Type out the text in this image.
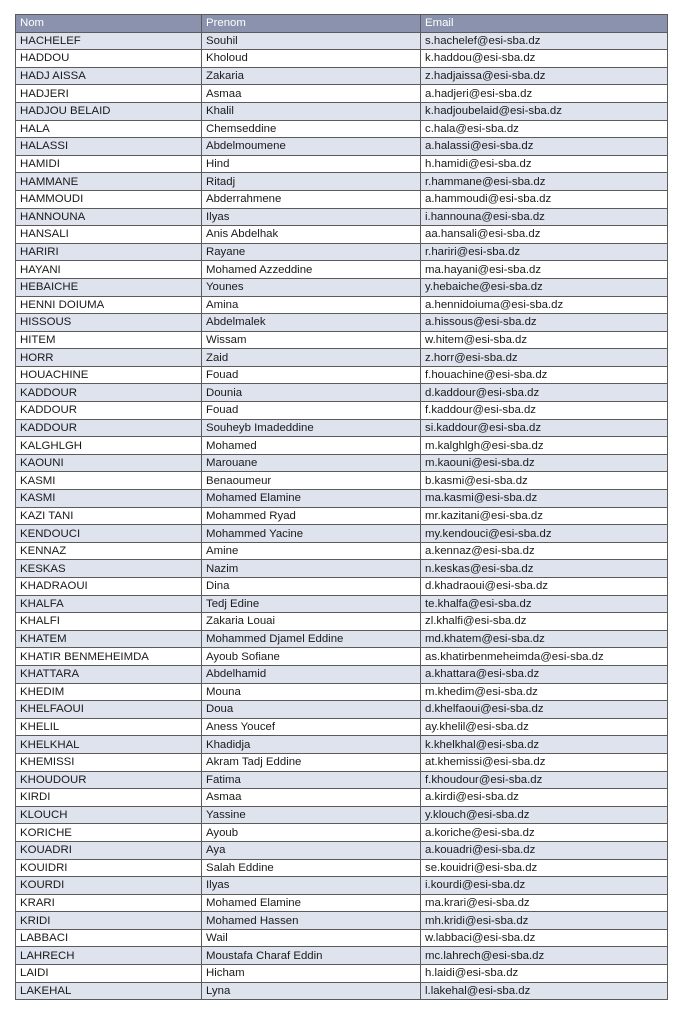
Nom	Prenom	Email
HACHELEF	Souhil	s.hachelef@esi-sba.dz
HADDOU	Kholoud	k.haddou@esi-sba.dz
HADJ AISSA	Zakaria	z.hadjaissa@esi-sba.dz
HADJERI	Asmaa	a.hadjeri@esi-sba.dz
HADJOU BELAID	Khalil	k.hadjoubelaid@esi-sba.dz
HALA	Chemseddine	c.hala@esi-sba.dz
HALASSI	Abdelmoumene	a.halassi@esi-sba.dz
HAMIDI	Hind	h.hamidi@esi-sba.dz
HAMMANE	Ritadj	r.hammane@esi-sba.dz
HAMMOUDI	Abderrahmene	a.hammoudi@esi-sba.dz
HANNOUNA	Ilyas	i.hannouna@esi-sba.dz
HANSALI	Anis Abdelhak	aa.hansali@esi-sba.dz
HARIRI	Rayane	r.hariri@esi-sba.dz
HAYANI	Mohamed Azzeddine	ma.hayani@esi-sba.dz
HEBAICHE	Younes	y.hebaiche@esi-sba.dz
HENNI DOIUMA	Amina	a.hennidoiuma@esi-sba.dz
HISSOUS	Abdelmalek	a.hissous@esi-sba.dz
HITEM	Wissam	w.hitem@esi-sba.dz
HORR	Zaid	z.horr@esi-sba.dz
HOUACHINE	Fouad	f.houachine@esi-sba.dz
KADDOUR	Dounia	d.kaddour@esi-sba.dz
KADDOUR	Fouad	f.kaddour@esi-sba.dz
KADDOUR	Souheyb Imadeddine	si.kaddour@esi-sba.dz
KALGHLGH	Mohamed	m.kalghlgh@esi-sba.dz
KAOUNI	Marouane	m.kaouni@esi-sba.dz
KASMI	Benaoumeur	b.kasmi@esi-sba.dz
KASMI	Mohamed Elamine	ma.kasmi@esi-sba.dz
KAZI TANI	Mohammed Ryad	mr.kazitani@esi-sba.dz
KENDOUCI	Mohammed Yacine	my.kendouci@esi-sba.dz
KENNAZ	Amine	a.kennaz@esi-sba.dz
KESKAS	Nazim	n.keskas@esi-sba.dz
KHADRAOUI	Dina	d.khadraoui@esi-sba.dz
KHALFA	Tedj Edine	te.khalfa@esi-sba.dz
KHALFI	Zakaria Louai	zl.khalfi@esi-sba.dz
KHATEM	Mohammed Djamel Eddine	md.khatem@esi-sba.dz
KHATIR BENMEHEIMDA	Ayoub Sofiane	as.khatirbenmeheimda@esi-sba.dz
KHATTARA	Abdelhamid	a.khattara@esi-sba.dz
KHEDIM	Mouna	m.khedim@esi-sba.dz
KHELFAOUI	Doua	d.khelfaoui@esi-sba.dz
KHELIL	Aness Youcef	ay.khelil@esi-sba.dz
KHELKHAL	Khadidja	k.khelkhal@esi-sba.dz
KHEMISSI	Akram Tadj Eddine	at.khemissi@esi-sba.dz
KHOUDOUR	Fatima	f.khoudour@esi-sba.dz
KIRDI	Asmaa	a.kirdi@esi-sba.dz
KLOUCH	Yassine	y.klouch@esi-sba.dz
KORICHE	Ayoub	a.koriche@esi-sba.dz
KOUADRI	Aya	a.kouadri@esi-sba.dz
KOUIDRI	Salah Eddine	se.kouidri@esi-sba.dz
KOURDI	Ilyas	i.kourdi@esi-sba.dz
KRARI	Mohamed Elamine	ma.krari@esi-sba.dz
KRIDI	Mohamed Hassen	mh.kridi@esi-sba.dz
LABBACI	Wail	w.labbaci@esi-sba.dz
LAHRECH	Moustafa Charaf Eddin	mc.lahrech@esi-sba.dz
LAIDI	Hicham	h.laidi@esi-sba.dz
LAKEHAL	Lyna	l.lakehal@esi-sba.dz
